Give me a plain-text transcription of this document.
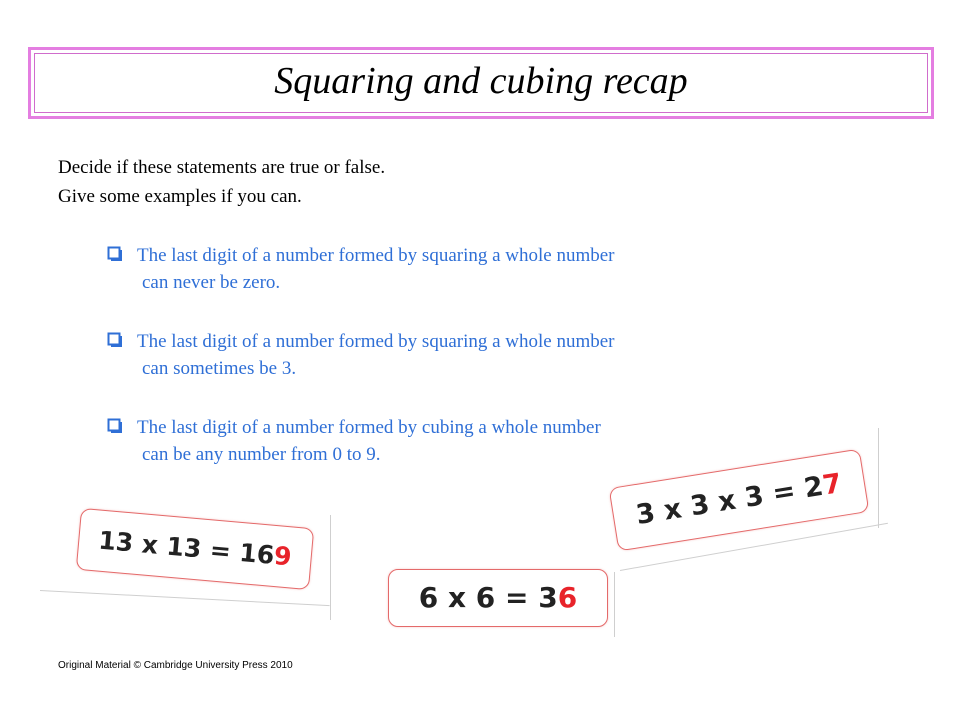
Squaring and cubing recap
Decide if these statements are true or false.
Give some examples if you can.
The last digit of a number formed by squaring a whole number
can never be zero.
The last digit of a number formed by squaring a whole number
can sometimes be 3.
The last digit of a number formed by cubing a whole number
can be any number from 0 to 9.
13 x 13 = 169
6 x 6 = 36
3 x 3 x 3 = 27
Original Material © Cambridge University Press 2010
